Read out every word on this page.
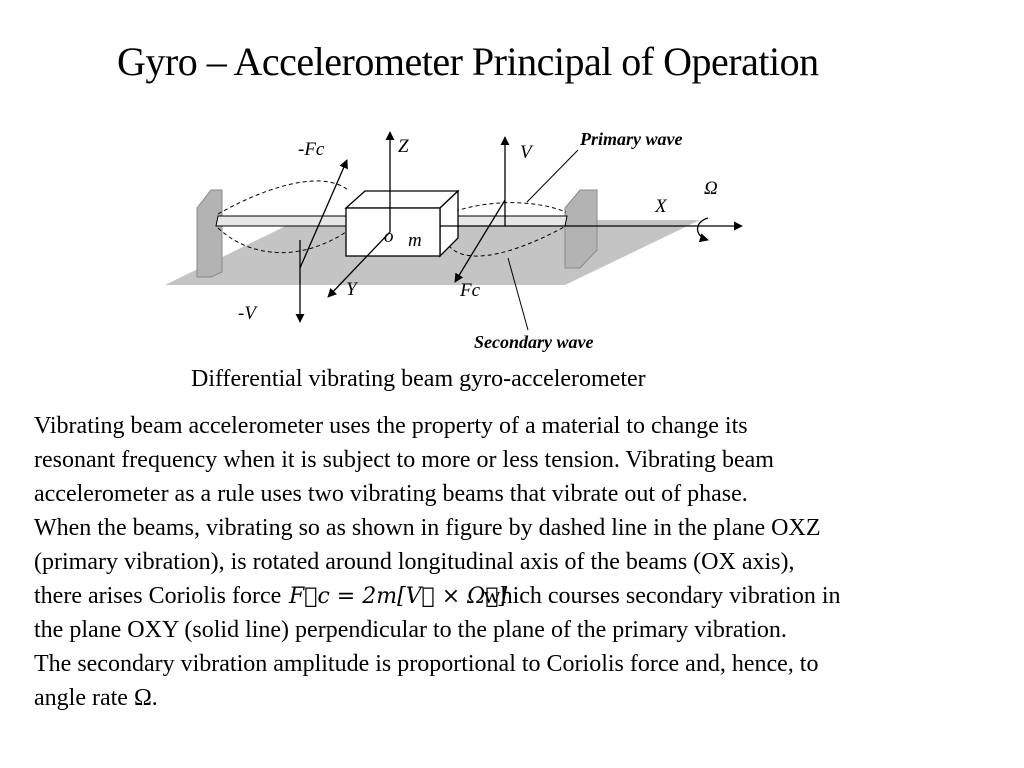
Gyro – Accelerometer Principal of Operation
-Fc	Z	V
Primary wave
Ω
X
o m
Y	Fc
-V
Secondary wave
Differential vibrating beam gyro-accelerometer

Vibrating beam accelerometer uses the property of a material to change its

resonant frequency when it is subject to more or less tension. Vibrating beam

accelerometer as a rule uses two vibrating beams that vibrate out of phase.

When the beams, vibrating so as shown in figure by dashed line in the plane OXZ

(primary vibration), is rotated around longitudinal axis of the beams (OX axis),

there arises Coriolis force F⃗c = 2m[V⃗ × Ω⃗]
which courses secondary vibration in

the plane OXY (solid line) perpendicular to the plane of the primary vibration.

The secondary vibration amplitude is proportional to Coriolis force and, hence, to

angle rate Ω.
